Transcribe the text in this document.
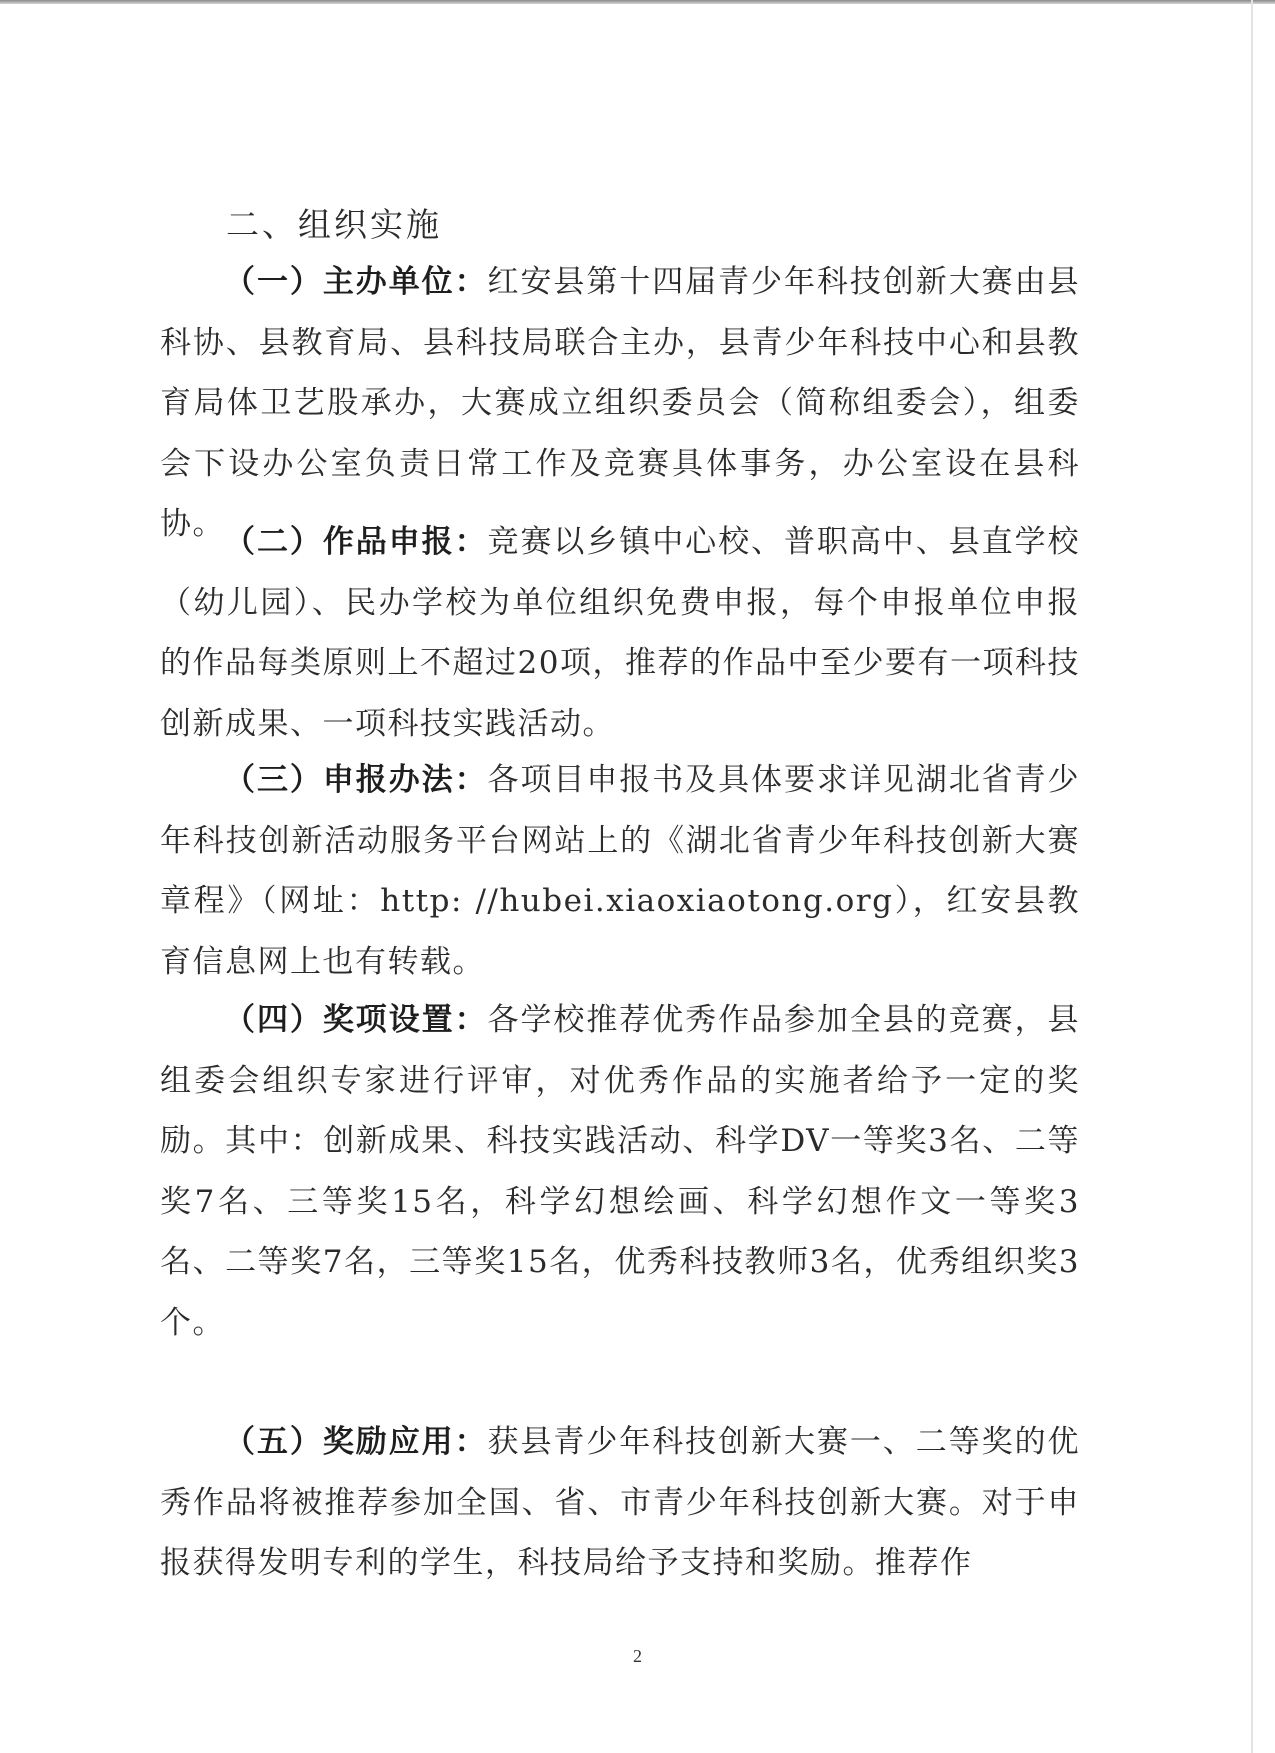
二、组织实施

（一）主办单位：红安县第十四届青少年科技创新大赛由县科协、县教育局、县科技局联合主办，县青少年科技中心和县教育局体卫艺股承办，大赛成立组织委员会（简称组委会），组委会下设办公室负责日常工作及竞赛具体事务，办公室设在县科协。 （二）作品申报：竞赛以乡镇中心校、普职高中、县直学校（幼儿园）、民办学校为单位组织免费申报，每个申报单位申报的作品每类原则上不超过20项，推荐的作品中至少要有一项科技创新成果、一项科技实践活动。

（三）申报办法：各项目申报书及具体要求详见湖北省青少年科技创新活动服务平台网站上的《湖北省青少年科技创新大赛章程》（网址：http: //hubei.xiaoxiaotong.org），红安县教育信息网上也有转载。

（四）奖项设置：各学校推荐优秀作品参加全县的竞赛，县组委会组织专家进行评审，对优秀作品的实施者给予一定的奖励。其中：创新成果、科技实践活动、科学DV一等奖3名、二等奖7名、三等奖15名，科学幻想绘画、科学幻想作文一等奖3名、二等奖7名，三等奖15名，优秀科技教师3名，优秀组织奖3个。

（五）奖励应用：获县青少年科技创新大赛一、二等奖的优秀作品将被推荐参加全国、省、市青少年科技创新大赛。对于申报获得发明专利的学生，科技局给予支持和奖励。推荐作

2
